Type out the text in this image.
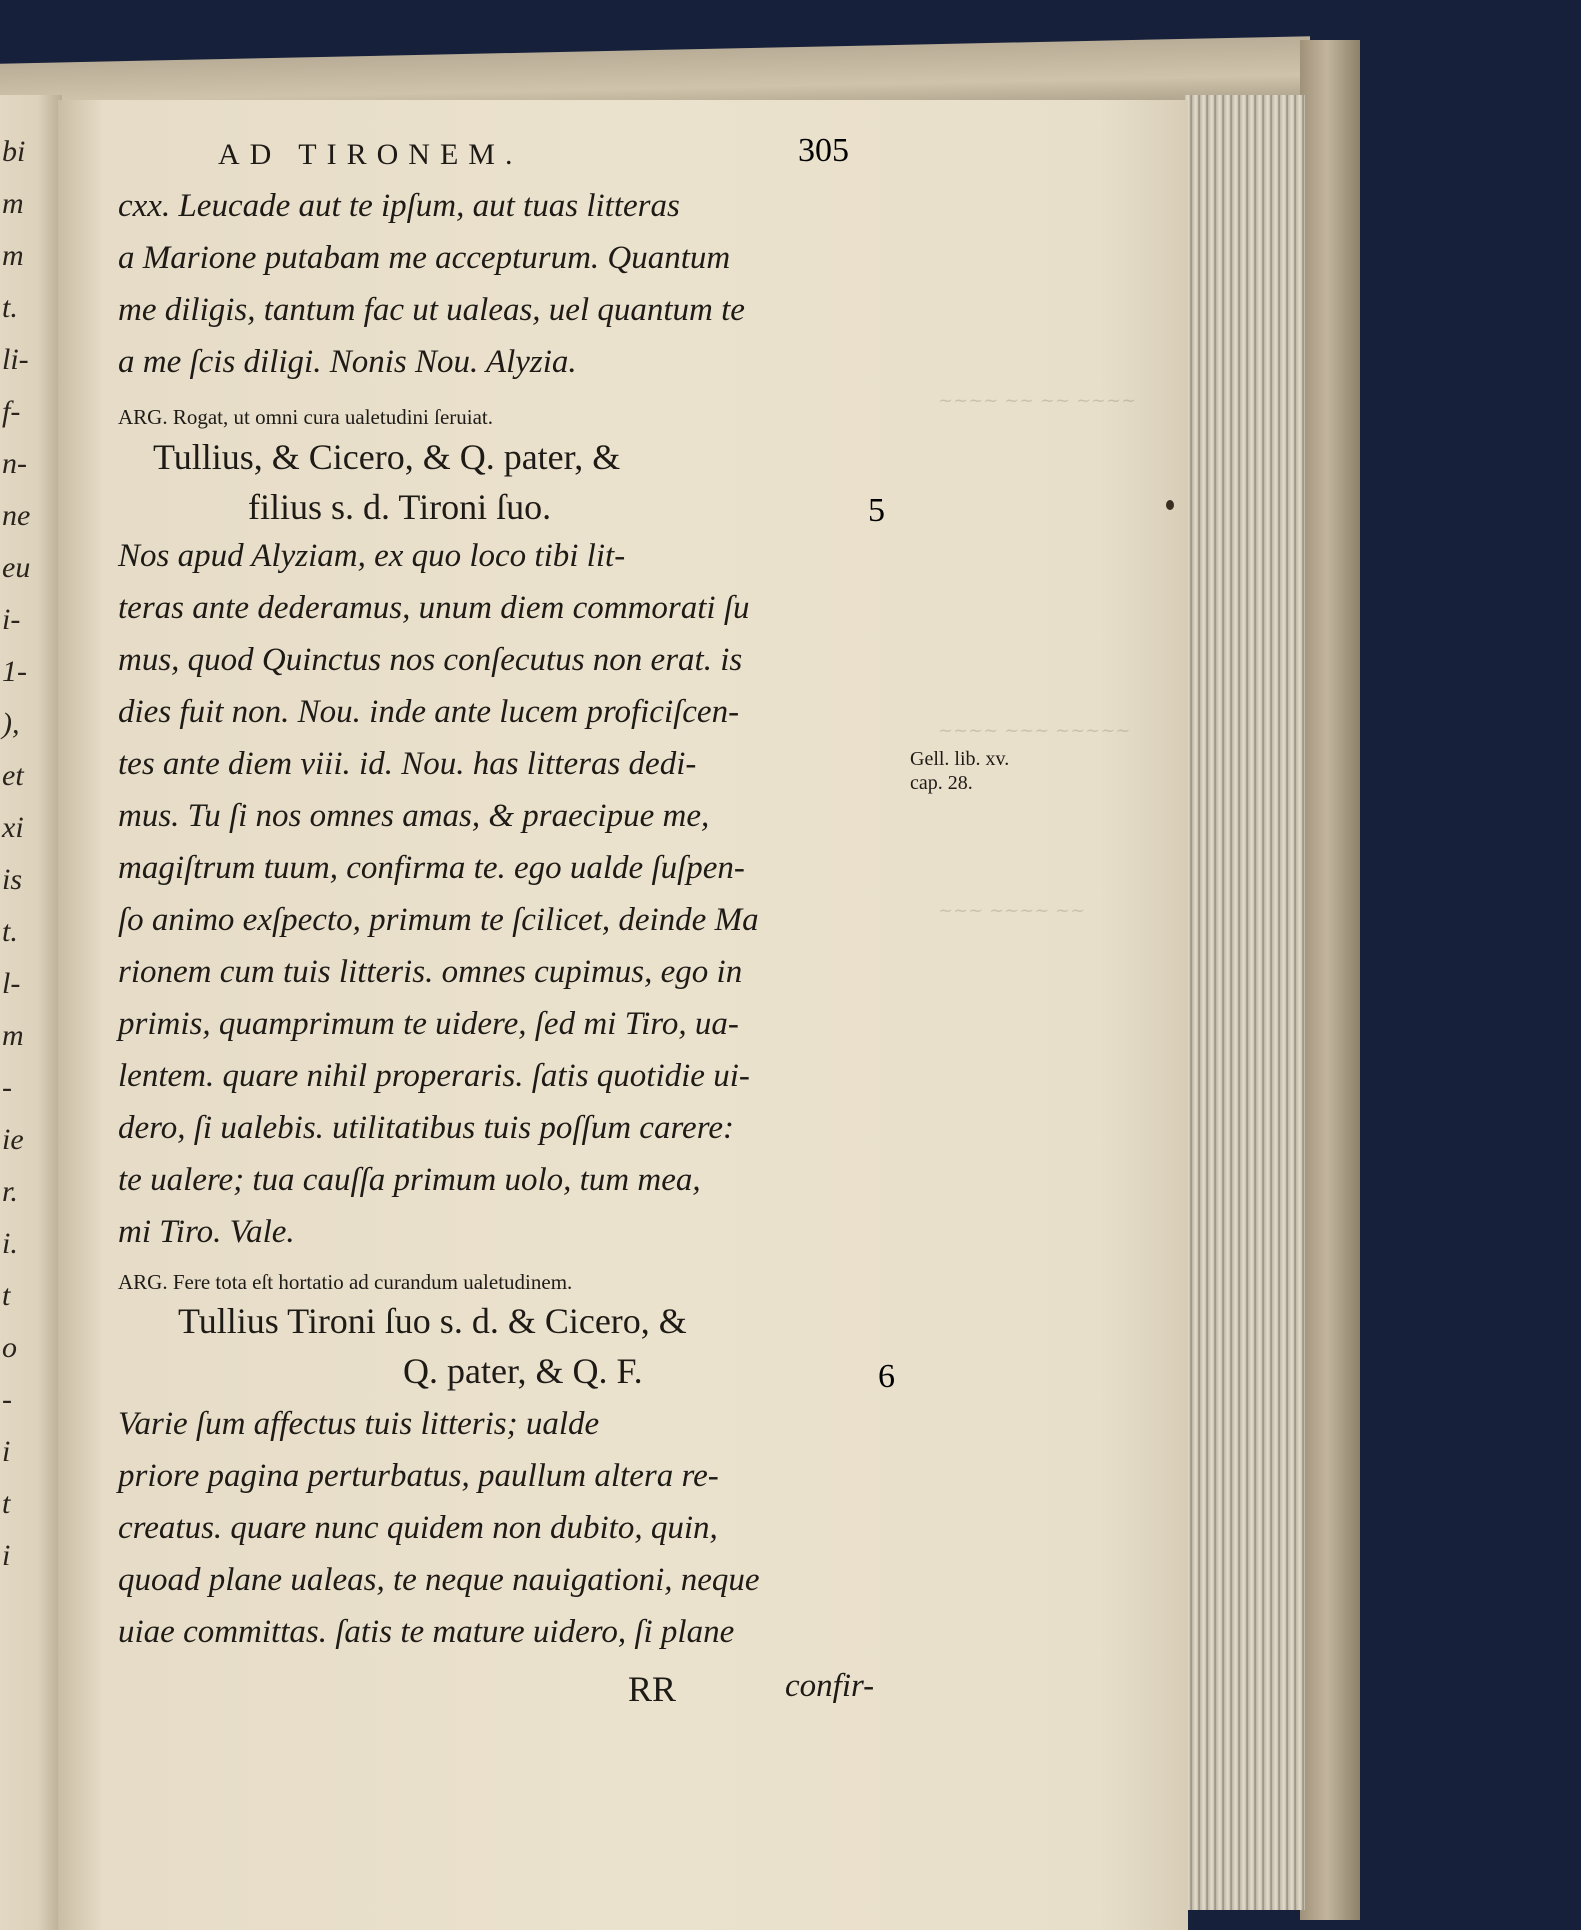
bi
m
m
t.
li-
f-
n-
ne
eu
i-
1-
),
et
xi
is
t.
l-
m
-
ie
r.
i.
t
o
-
i
t
i
~~~~ ~~ ~~ ~~~~
~~~~ ~~~ ~~~~~
~~~ ~~~~ ~~
AD TIRONEM.	305
cxx. Leucade aut te ipſum, aut tuas litteras
a Marione putabam me accepturum. Quantum
me diligis, tantum fac ut ualeas, uel quantum te
a me ſcis diligi. Nonis Nou. Alyzia.
ARG. Rogat, ut omni cura ualetudini ſeruiat.
Tullius, & Cicero, & Q. pater, &
filius s. d. Tironi ſuo.	5
Nos apud Alyziam, ex quo loco tibi lit-
teras ante dederamus, unum diem commorati ſu
mus, quod Quinctus nos conſecutus non erat. is
dies fuit non. Nou. inde ante lucem proficiſcen-
tes ante diem viii. id. Nou. has litteras dedi-
mus. Tu ſi nos omnes amas, & praecipue me,
magiſtrum tuum, confirma te. ego ualde ſuſpen-
ſo animo exſpecto, primum te ſcilicet, deinde Ma
rionem cum tuis litteris. omnes cupimus, ego in
primis, quamprimum te uidere, ſed mi Tiro, ua-
lentem. quare nihil properaris. ſatis quotidie ui-
dero, ſi ualebis. utilitatibus tuis poſſum carere:
te ualere; tua cauſſa primum uolo, tum mea,
mi Tiro. Vale.
Gell. lib. xv.
cap. 28.
ARG. Fere tota eſt hortatio ad curandum ualetudinem.
Tullius Tironi ſuo s. d. & Cicero, &
Q. pater, & Q. F.	6
Varie ſum affectus tuis litteris; ualde
priore pagina perturbatus, paullum altera re-
creatus. quare nunc quidem non dubito, quin,
quoad plane ualeas, te neque nauigationi, neque
uiae committas. ſatis te mature uidero, ſi plane
RR	confir-
